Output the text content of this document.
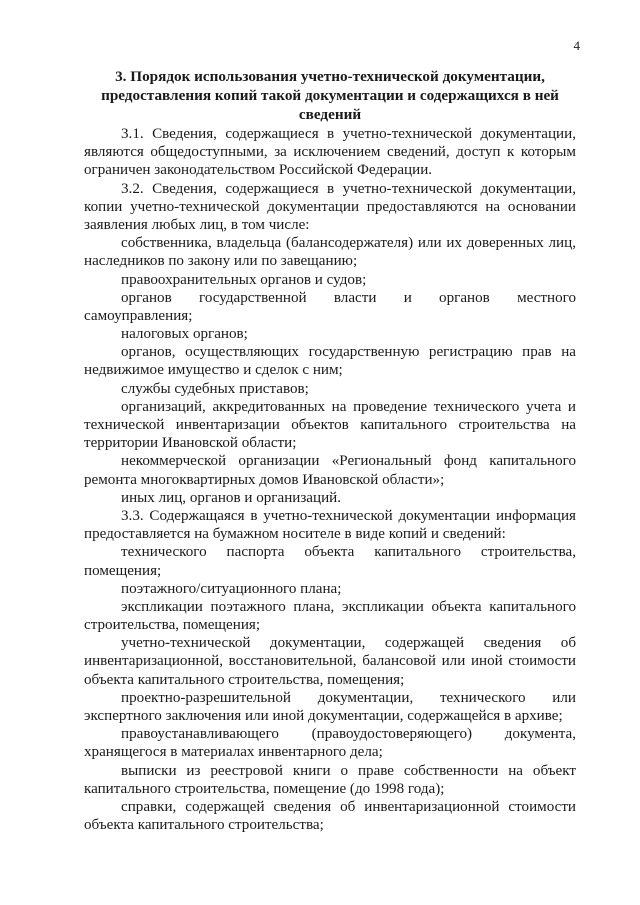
4
3. Порядок использования учетно-технической документации,
предоставления копий такой документации и содержащихся в ней
сведений
3.1. Сведения, содержащиеся в учетно-технической документации,
являются общедоступными, за исключением сведений, доступ к которым
ограничен законодательством Российской Федерации.
3.2. Сведения, содержащиеся в учетно-технической документации,
копии учетно-технической документации предоставляются на основании
заявления любых лиц, в том числе:
собственника, владельца (балансодержателя) или их доверенных лиц,
наследников по закону или по завещанию;
правоохранительных органов и судов;
органов государственной власти и органов местного
самоуправления;
налоговых органов;
органов, осуществляющих государственную регистрацию прав на
недвижимое имущество и сделок с ним;
службы судебных приставов;
организаций, аккредитованных на проведение технического учета и
технической инвентаризации объектов капитального строительства на
территории Ивановской области;
некоммерческой организации «Региональный фонд капитального
ремонта многоквартирных домов Ивановской области»;
иных лиц, органов и организаций.
3.3. Содержащаяся в учетно-технической документации информация
предоставляется на бумажном носителе в виде копий и сведений:
технического паспорта объекта капитального строительства,
помещения;
поэтажного/ситуационного плана;
экспликации поэтажного плана, экспликации объекта капитального
строительства, помещения;
учетно-технической документации, содержащей сведения об
инвентаризационной, восстановительной, балансовой или иной стоимости
объекта капитального строительства, помещения;
проектно-разрешительной документации, технического или
экспертного заключения или иной документации, содержащейся в архиве;
правоустанавливающего (правоудостоверяющего) документа,
хранящегося в материалах инвентарного дела;
выписки из реестровой книги о праве собственности на объект
капитального строительства, помещение (до 1998 года);
справки, содержащей сведения об инвентаризационной стоимости
объекта капитального строительства;
